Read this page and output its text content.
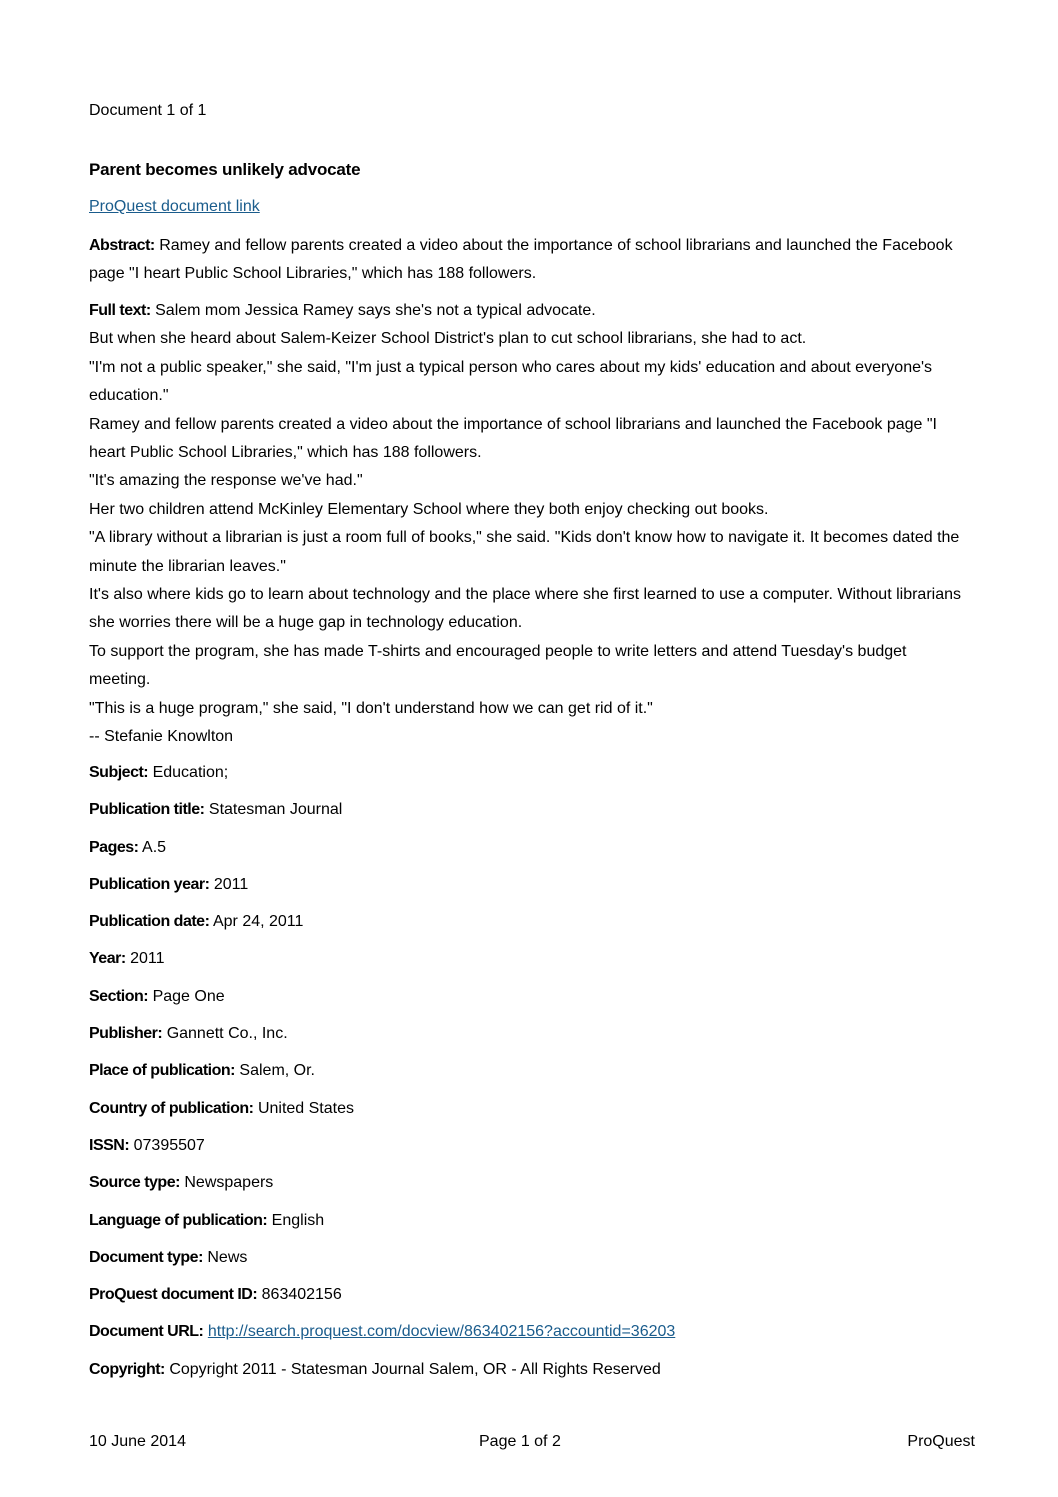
Document 1 of 1
Parent becomes unlikely advocate
ProQuest document link
Abstract: Ramey and fellow parents created a video about the importance of school librarians and launched the Facebook page "I heart Public School Libraries," which has 188 followers.

Full text: Salem mom Jessica Ramey says she's not a typical advocate.

But when she heard about Salem-Keizer School District's plan to cut school librarians, she had to act.

"I'm not a public speaker," she said, "I'm just a typical person who cares about my kids' education and about everyone's education."

Ramey and fellow parents created a video about the importance of school librarians and launched the Facebook page "I heart Public School Libraries," which has 188 followers.

"It's amazing the response we've had."

Her two children attend McKinley Elementary School where they both enjoy checking out books.

"A library without a librarian is just a room full of books," she said. "Kids don't know how to navigate it. It becomes dated the minute the librarian leaves."

It's also where kids go to learn about technology and the place where she first learned to use a computer. Without librarians she worries there will be a huge gap in technology education.

To support the program, she has made T-shirts and encouraged people to write letters and attend Tuesday's budget meeting.

"This is a huge program," she said, "I don't understand how we can get rid of it."

-- Stefanie Knowlton

Subject: Education;
Publication title: Statesman Journal
Pages: A.5
Publication year: 2011
Publication date: Apr 24, 2011
Year: 2011
Section: Page One
Publisher: Gannett Co., Inc.
Place of publication: Salem, Or.
Country of publication: United States
ISSN: 07395507
Source type: Newspapers
Language of publication: English
Document type: News
ProQuest document ID: 863402156
Document URL: http://search.proquest.com/docview/863402156?accountid=36203
Copyright: Copyright 2011 - Statesman Journal Salem, OR - All Rights Reserved
10 June 2014	Page 1 of 2	ProQuest
